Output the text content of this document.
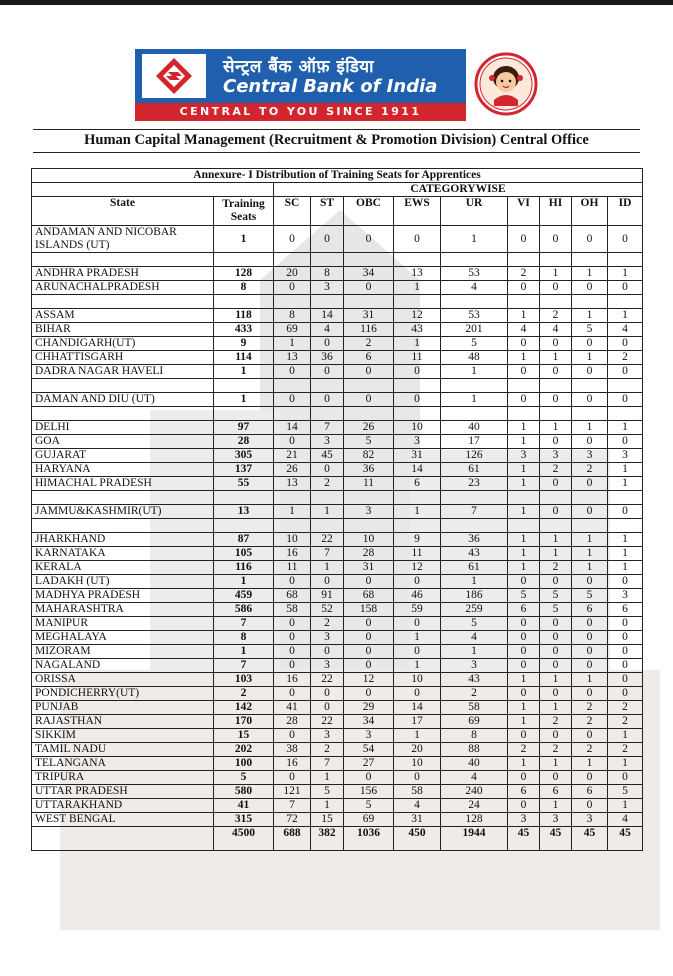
सेन्ट्रल बैंक ऑफ़ इंडिया
Central Bank of India
CENTRAL TO YOU SINCE 1911
Human Capital Management (Recruitment & Promotion Division) Central Office
Annexure- I Distribution of Training Seats for Apprentices										
		CATEGORYWISE								
State	Training Seats	SC	ST	OBC	EWS	UR	VI	HI	OH	ID
ANDAMAN AND NICOBAR ISLANDS (UT)	1	0	0	0	0	1	0	0	0	0

ANDHRA PRADESH	128	20	8	34	13	53	2	1	1	1
ARUNACHALPRADESH	8	0	3	0	1	4	0	0	0	0

ASSAM	118	8	14	31	12	53	1	2	1	1
BIHAR	433	69	4	116	43	201	4	4	5	4
CHANDIGARH(UT)	9	1	0	2	1	5	0	0	0	0
CHHATTISGARH	114	13	36	6	11	48	1	1	1	2
DADRA NAGAR HAVELI	1	0	0	0	0	1	0	0	0	0

DAMAN AND DIU (UT)	1	0	0	0	0	1	0	0	0	0

DELHI	97	14	7	26	10	40	1	1	1	1
GOA	28	0	3	5	3	17	1	0	0	0
GUJARAT	305	21	45	82	31	126	3	3	3	3
HARYANA	137	26	0	36	14	61	1	2	2	1
HIMACHAL PRADESH	55	13	2	11	6	23	1	0	0	1

JAMMU&KASHMIR(UT)	13	1	1	3	1	7	1	0	0	0

JHARKHAND	87	10	22	10	9	36	1	1	1	1
KARNATAKA	105	16	7	28	11	43	1	1	1	1
KERALA	116	11	1	31	12	61	1	2	1	1
LADAKH (UT)	1	0	0	0	0	1	0	0	0	0
MADHYA PRADESH	459	68	91	68	46	186	5	5	5	3
MAHARASHTRA	586	58	52	158	59	259	6	5	6	6
MANIPUR	7	0	2	0	0	5	0	0	0	0
MEGHALAYA	8	0	3	0	1	4	0	0	0	0
MIZORAM	1	0	0	0	0	1	0	0	0	0
NAGALAND	7	0	3	0	1	3	0	0	0	0
ORISSA	103	16	22	12	10	43	1	1	1	0
PONDICHERRY(UT)	2	0	0	0	0	2	0	0	0	0
PUNJAB	142	41	0	29	14	58	1	1	2	2
RAJASTHAN	170	28	22	34	17	69	1	2	2	2
SIKKIM	15	0	3	3	1	8	0	0	0	1
TAMIL NADU	202	38	2	54	20	88	2	2	2	2
TELANGANA	100	16	7	27	10	40	1	1	1	1
TRIPURA	5	0	1	0	0	4	0	0	0	0
UTTAR PRADESH	580	121	5	156	58	240	6	6	6	5
UTTARAKHAND	41	7	1	5	4	24	0	1	0	1
WEST BENGAL	315	72	15	69	31	128	3	3	3	4
	4500	688	382	1036	450	1944	45	45	45	45
